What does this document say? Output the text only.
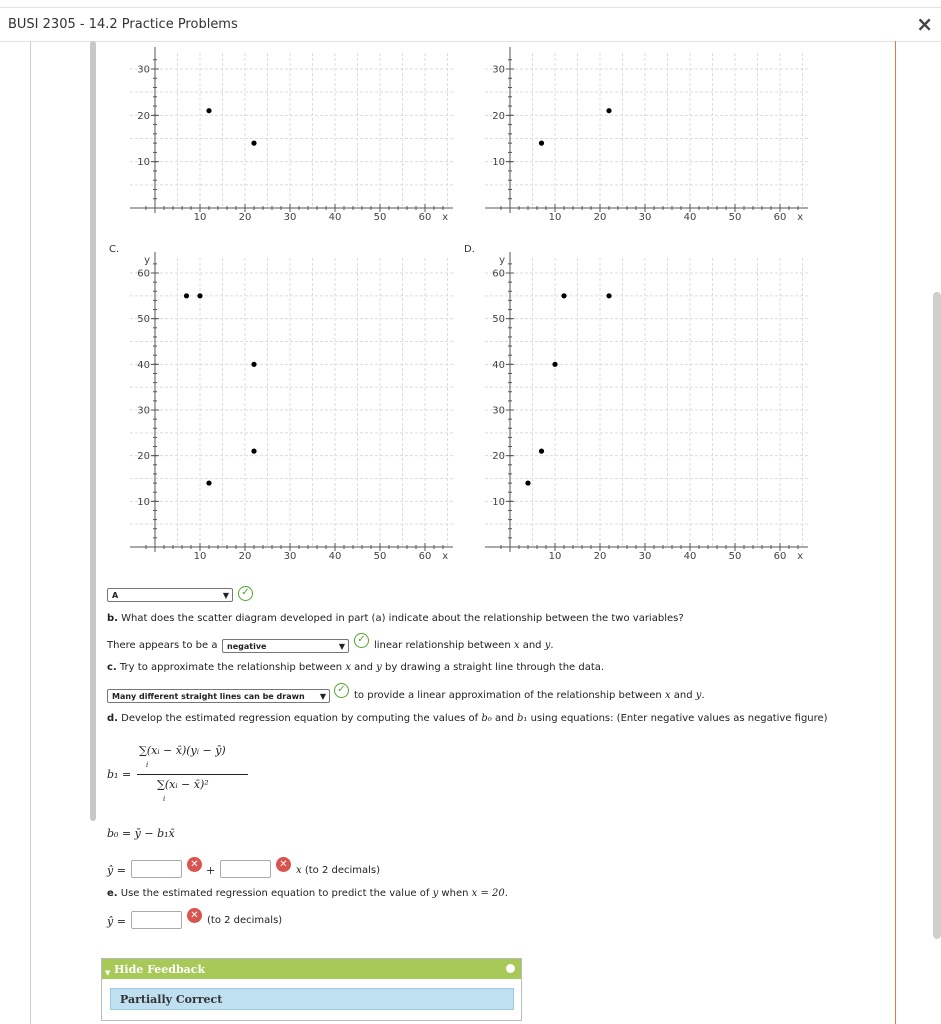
BUSI 2305 - 14.2 Practice Problems	×
10	20	30	40	50	60 x
10
20
30
10	20	30	40	50	60 x
10
20
30
10	20	30	40	50	60 x
10
20
30
40
50
60
y
10	20	30	40	50	60 x
10
20
30
40
50
60
y
C.	D.
A	▼	✓
b. What does the scatter diagram developed in part (a) indicate about the relationship between the two variables?
There appears to be a	negative	▼
✓
linear relationship between x and y.
c. Try to approximate the relationship between x and y by drawing a straight line through the data.
Many different straight lines can be drawn ▼
✓
to provide a linear approximation of the relationship between x and y.
d. Develop the estimated regression equation by computing the values of b₀ and b₁ using equations: (Enter negative values as negative figure)
b₁ =
∑(xᵢ − x̄)(yᵢ − ȳ)
i
∑(xᵢ − x̄)²
i
b₀ = ȳ − b₁x̄
ŷ =	✕ +	✕
x (to 2 decimals)
e. Use the estimated regression equation to predict the value of y when x = 20.
ŷ =	✕ (to 2 decimals)
▼ Hide Feedback
Partially Correct
